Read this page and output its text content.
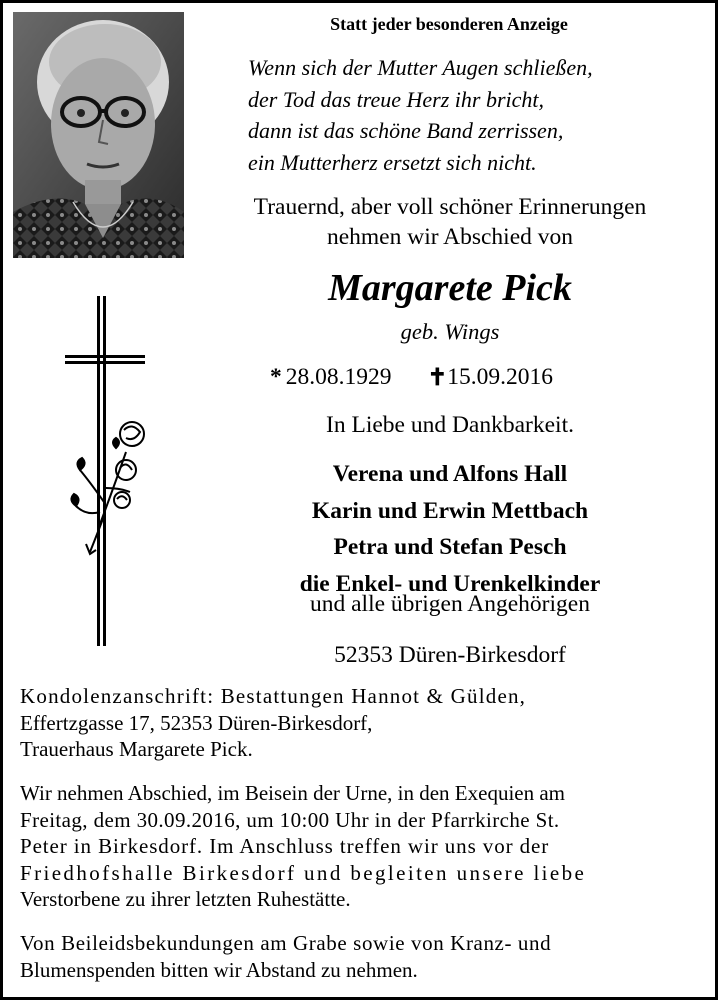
Statt jeder besonderen Anzeige
Wenn sich der Mutter Augen schließen,
der Tod das treue Herz ihr bricht,
dann ist das schöne Band zerrissen,
ein Mutterherz ersetzt sich nicht.
Trauernd, aber voll schöner Erinnerungen
nehmen wir Abschied von
Margarete Pick
geb. Wings
* 28.08.1929 ✝ 15.09.2016
In Liebe und Dankbarkeit.
Verena und Alfons Hall
Karin und Erwin Mettbach
Petra und Stefan Pesch
die Enkel- und Urenkelkinder
und alle übrigen Angehörigen
52353 Düren-Birkesdorf
Kondolenzanschrift: Bestattungen Hannot & Gülden,
Effertzgasse 17, 52353 Düren-Birkesdorf,
Trauerhaus Margarete Pick.
Wir nehmen Abschied, im Beisein der Urne, in den Exequien am
Freitag, dem 30.09.2016, um 10:00 Uhr in der Pfarrkirche St.
Peter in Birkesdorf. Im Anschluss treffen wir uns vor der
Friedhofshalle Birkesdorf und begleiten unsere liebe
Verstorbene zu ihrer letzten Ruhestätte.
Von Beileidsbekundungen am Grabe sowie von Kranz- und
Blumenspenden bitten wir Abstand zu nehmen.
